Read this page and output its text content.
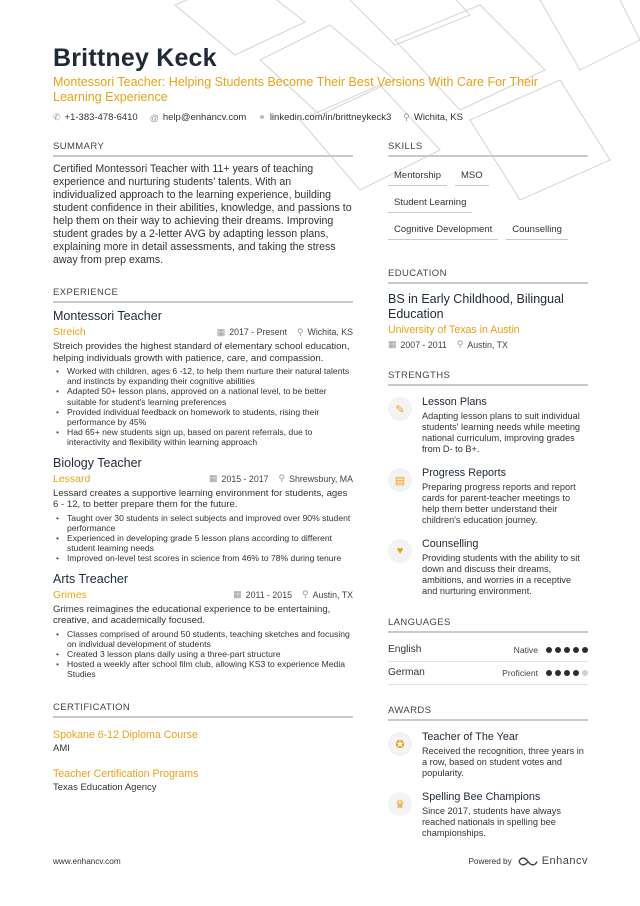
Brittney Keck
Montessori Teacher: Helping Students Become Their Best Versions With Care For Their Learning Experience
✆ +1-383-478-6410 @ help@enhancv.com ⚭ linkedin.com/in/brittneykeck3 ⚲ Wichita, KS
SUMMARY
Certified Montessori Teacher with 11+ years of teaching experience and nurturing students' talents. With an individualized approach to the learning experience, building student confidence in their abilities, knowledge, and passions to help them on their way to achieving their dreams. Improving student grades by a 2-letter AVG by adapting lesson plans, explaining more in detail assessments, and taking the stress away from prep exams.
EXPERIENCE
Montessori Teacher
Streich	▦ 2017 - Present ⚲ Wichita, KS
Streich provides the highest standard of elementary school education, helping individuals growth with patience, care, and compassion.
• Worked with children, ages 6 -12, to help them nurture their natural talents and instincts by expanding their cognitive abilities
• Adapted 50+ lesson plans, approved on a national level, to be better suitable for student's learning preferences
• Provided individual feedback on homework to students, rising their performance by 45%
• Had 65+ new students sign up, based on parent referrals, due to interactivity and flexibility within learning approach
Biology Teacher
Lessard	▦ 2015 - 2017 ⚲ Shrewsbury, MA
Lessard creates a supportive learning environment for students, ages 6 - 12, to better prepare them for the future.
• Taught over 30 students in select subjects and improved over 90% student performance
• Experienced in developing grade 5 lesson plans according to different student learning needs
• Improved on-level test scores in science from 46% to 78% during tenure
Arts Treacher
Grimes	▦ 2011 - 2015 ⚲ Austin, TX
Grimes reimagines the educational experience to be entertaining, creative, and academically focused.
• Classes comprised of around 50 students, teaching sketches and focusing on individual development of students
• Created 3 lesson plans daily using a three-part structure
• Hosted a weekly after school film club, allowing KS3 to experience Media Studies
CERTIFICATION
Spokane 6-12 Diploma Course
AMI
Teacher Certification Programs
Texas Education Agency
SKILLS
Mentorship	MSO
Student Learning
Cognitive Development	Counselling
EDUCATION
BS in Early Childhood, Bilingual Education
University of Texas in Austin
▦ 2007 - 2011 ⚲ Austin, TX
STRENGTHS
✎
Lesson Plans
Adapting lesson plans to suit individual students' learning needs while meeting national curriculum, improving grades from D- to B+.
▤
Progress Reports
Preparing progress reports and report cards for parent-teacher meetings to help them better understand their children's education journey.
♥
Counselling
Providing students with the ability to sit down and discuss their dreams, ambitions, and worries in a receptive and nurturing environment.
LANGUAGES
English	Native
German	Proficient
AWARDS
✪
Teacher of The Year
Received the recognition, three years in a row, based on student votes and popularity.
♛
Spelling Bee Champions
Since 2017, students have always reached nationals in spelling bee championships.
www.enhancv.com	Powered by	Enhancv
